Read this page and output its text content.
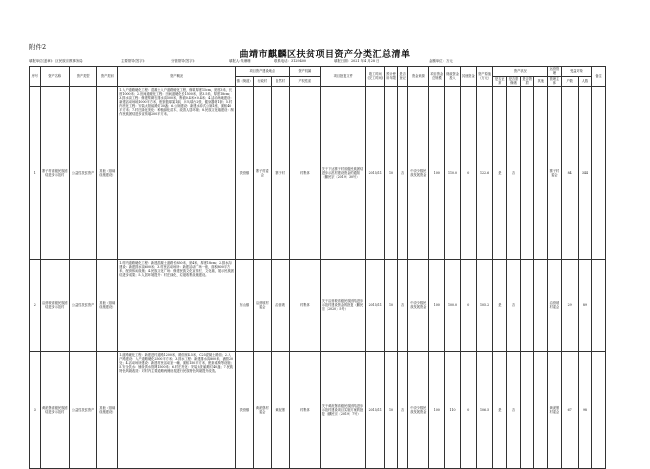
附件2
曲靖市麒麟区扶贫项目资产分类汇总清单
填报单位(盖章)：区民族宗教事务局	主要领导(签字)：	分管领导(签字)：	填报人:朱珊珊	联系电话：3129400	填报日期：2021 年4 月28 日	金额单位：万元
序号	资产名称	资产类型	资产类别	资产概况	项目资产建设地点			资产权属	项目批复文件	竣工时间(完工时间)	预计使用年限	是否登记	资金来源	项目资金总规模	财政资金投入	其他资金	资产原值（万元）	资产状况				运营管理	受益对象		备注
					镇（街道）	行政村	自然村	产权性质										是否正常	是否需修缮	是否毁损	其他	管理主体	户数	人数	
1	寨子村省级民族团结进步示范村	公益性扶贫资产	其他（基础设施建设）	1.入户道路硬化工程：混凝土入户道路硬化工程，修筑厚度15cm，宽度3米，长度1000米；2.田间道硬化工程：田间道硬化长1500米，宽3.5米，厚度18cm；3.排水沟工程：修建浆砌石排水沟500米，断面0.4米×0.4米；4.活动场地建设：新建活动场地1000平方米，配套篮球架1副，乒乓球台2张，健身器材1套；5.村内亮化工程：安装太阳能路灯30盏；6.公厕建设：新建水冲式公厕1座，面积40平方米；7.村庄绿化美化：种植绿化苗木，改善人居环境；8.民族文化墙建设：制作民族团结进步宣传墙200平方米。	茨营镇	寨子村委会	寨子村	村集体	关于下达寨子村省级民族团结进步示范村建设资金的通知（麒民宗〔2019〕30号）	2015/11	10	否	中央少数民族发展资金	100	110.0	0	122.6	是	否			寨子村委会	84	344	
2	沿营坡省级民族团结进步示范村	公益性扶贫资产	其他（基础设施建设）	1.村内道路硬化工程：新建混凝土道路长850米，宽4米，厚度18cm；2.排水沟建设：新建排水沟600米；3.村民活动场所：新建活动广场一座，面积800平方米，配套休闲设施；4.民族文化广场：修建民族文化宣传栏、文化墙，展示民族团结进步成果；5.人居环境提升：村庄绿化、垃圾收集设施建设。	东山镇	沿营坡村委会	沿营坡	村集体	关于沿营坡省级民族团结进步示范村建设资金的批复（麒民宗〔2020〕5号）	2015/11	10	否	中央少数民族发展资金	100	100.0	0	105.2	是	否			沿营坡村委会	29	89	
3	黄泥堡省级民族团结进步示范村	公益性扶贫资产	其他（基础设施建设）	1.道路硬化工程：新建进村道路1200米，路面宽4.5米，C25混凝土路面；2.入户路建设：入户道路硬化2500平方米；3.排水工程：新建排水沟800米，涵管20处；4.活动场所建设：新建村民活动室一幢，面积150平方米，配套桌椅等设施；5.安全饮水：铺设供水管网1500米；6.村庄亮化：安装太阳能路灯40盏；7.民族特色风貌改造：对村内主要道路两侧房屋进行民族特色风貌提升改造。	茨营镇	黄泥堡村委会	黄泥堡	村集体	关于黄泥堡省级民族团结进步示范村建设项目实施方案的批复（麒民宗〔2019〕7号）	2015/11	10	否	中央少数民族发展资金	100	110	0	106.5	是	否			黄泥堡村委会	67	98	
